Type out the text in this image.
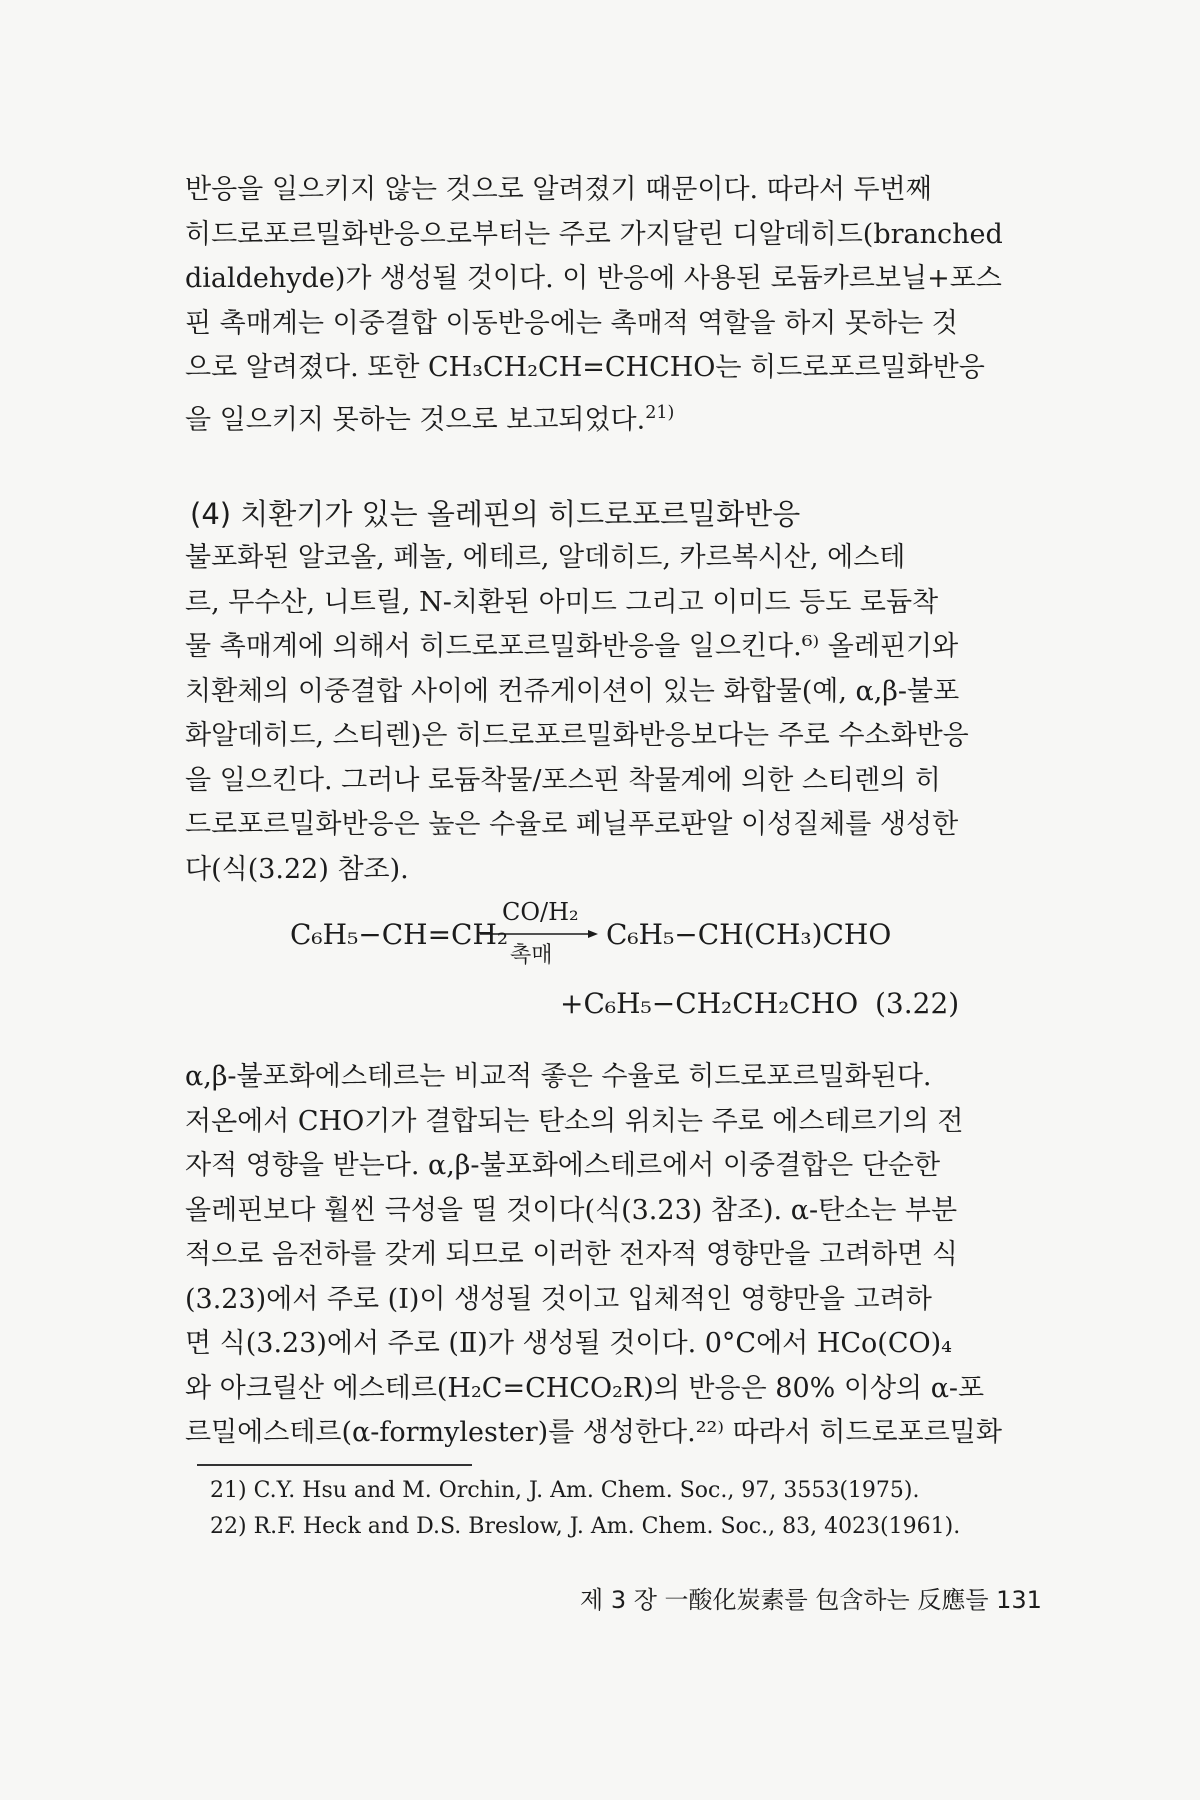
반응을 일으키지 않는 것으로 알려졌기 때문이다. 따라서 두번째
히드로포르밀화반응으로부터는 주로 가지달린 디알데히드(branched
dialdehyde)가 생성될 것이다. 이 반응에 사용된 로듐카르보닐+포스
핀 촉매계는 이중결합 이동반응에는 촉매적 역할을 하지 못하는 것
으로 알려졌다. 또한 CH₃CH₂CH=CHCHO는 히드로포르밀화반응
을 일으키지 못하는 것으로 보고되었다.$^{21)}$
(4) 치환기가 있는 올레핀의 히드로포르밀화반응
불포화된 알코올, 페놀, 에테르, 알데히드, 카르복시산, 에스테
르, 무수산, 니트릴, N-치환된 아미드 그리고 이미드 등도 로듐착
물 촉매계에 의해서 히드로포르밀화반응을 일으킨다.⁶⁾ 올레핀기와
치환체의 이중결합 사이에 컨쥬게이션이 있는 화합물(예, α,β-불포
화알데히드, 스티렌)은 히드로포르밀화반응보다는 주로 수소화반응
을 일으킨다. 그러나 로듐착물/포스핀 착물계에 의한 스티렌의 히
드로포르밀화반응은 높은 수율로 페닐푸로판알 이성질체를 생성한
다(식(3.22) 참조).
C₆H₅−CH=CH₂
CO/H₂
촉매
C₆H₅−CH(CH₃)CHO
+C₆H₅−CH₂CH₂CHO (3.22)
α,β-불포화에스테르는 비교적 좋은 수율로 히드로포르밀화된다.
저온에서 CHO기가 결합되는 탄소의 위치는 주로 에스테르기의 전
자적 영향을 받는다. α,β-불포화에스테르에서 이중결합은 단순한
올레핀보다 훨씬 극성을 띨 것이다(식(3.23) 참조). α-탄소는 부분
적으로 음전하를 갖게 되므로 이러한 전자적 영향만을 고려하면 식
(3.23)에서 주로 (Ⅰ)이 생성될 것이고 입체적인 영향만을 고려하
면 식(3.23)에서 주로 (Ⅱ)가 생성될 것이다. 0°C에서 HCo(CO)₄
와 아크릴산 에스테르(H₂C=CHCO₂R)의 반응은 80% 이상의 α-포
르밀에스테르(α-formylester)를 생성한다.²²⁾ 따라서 히드로포르밀화
21) C.Y. Hsu and M. Orchin, J. Am. Chem. Soc., 97, 3553(1975).
22) R.F. Heck and D.S. Breslow, J. Am. Chem. Soc., 83, 4023(1961).
제 3 장 一酸化炭素를 包含하는 反應들 131
